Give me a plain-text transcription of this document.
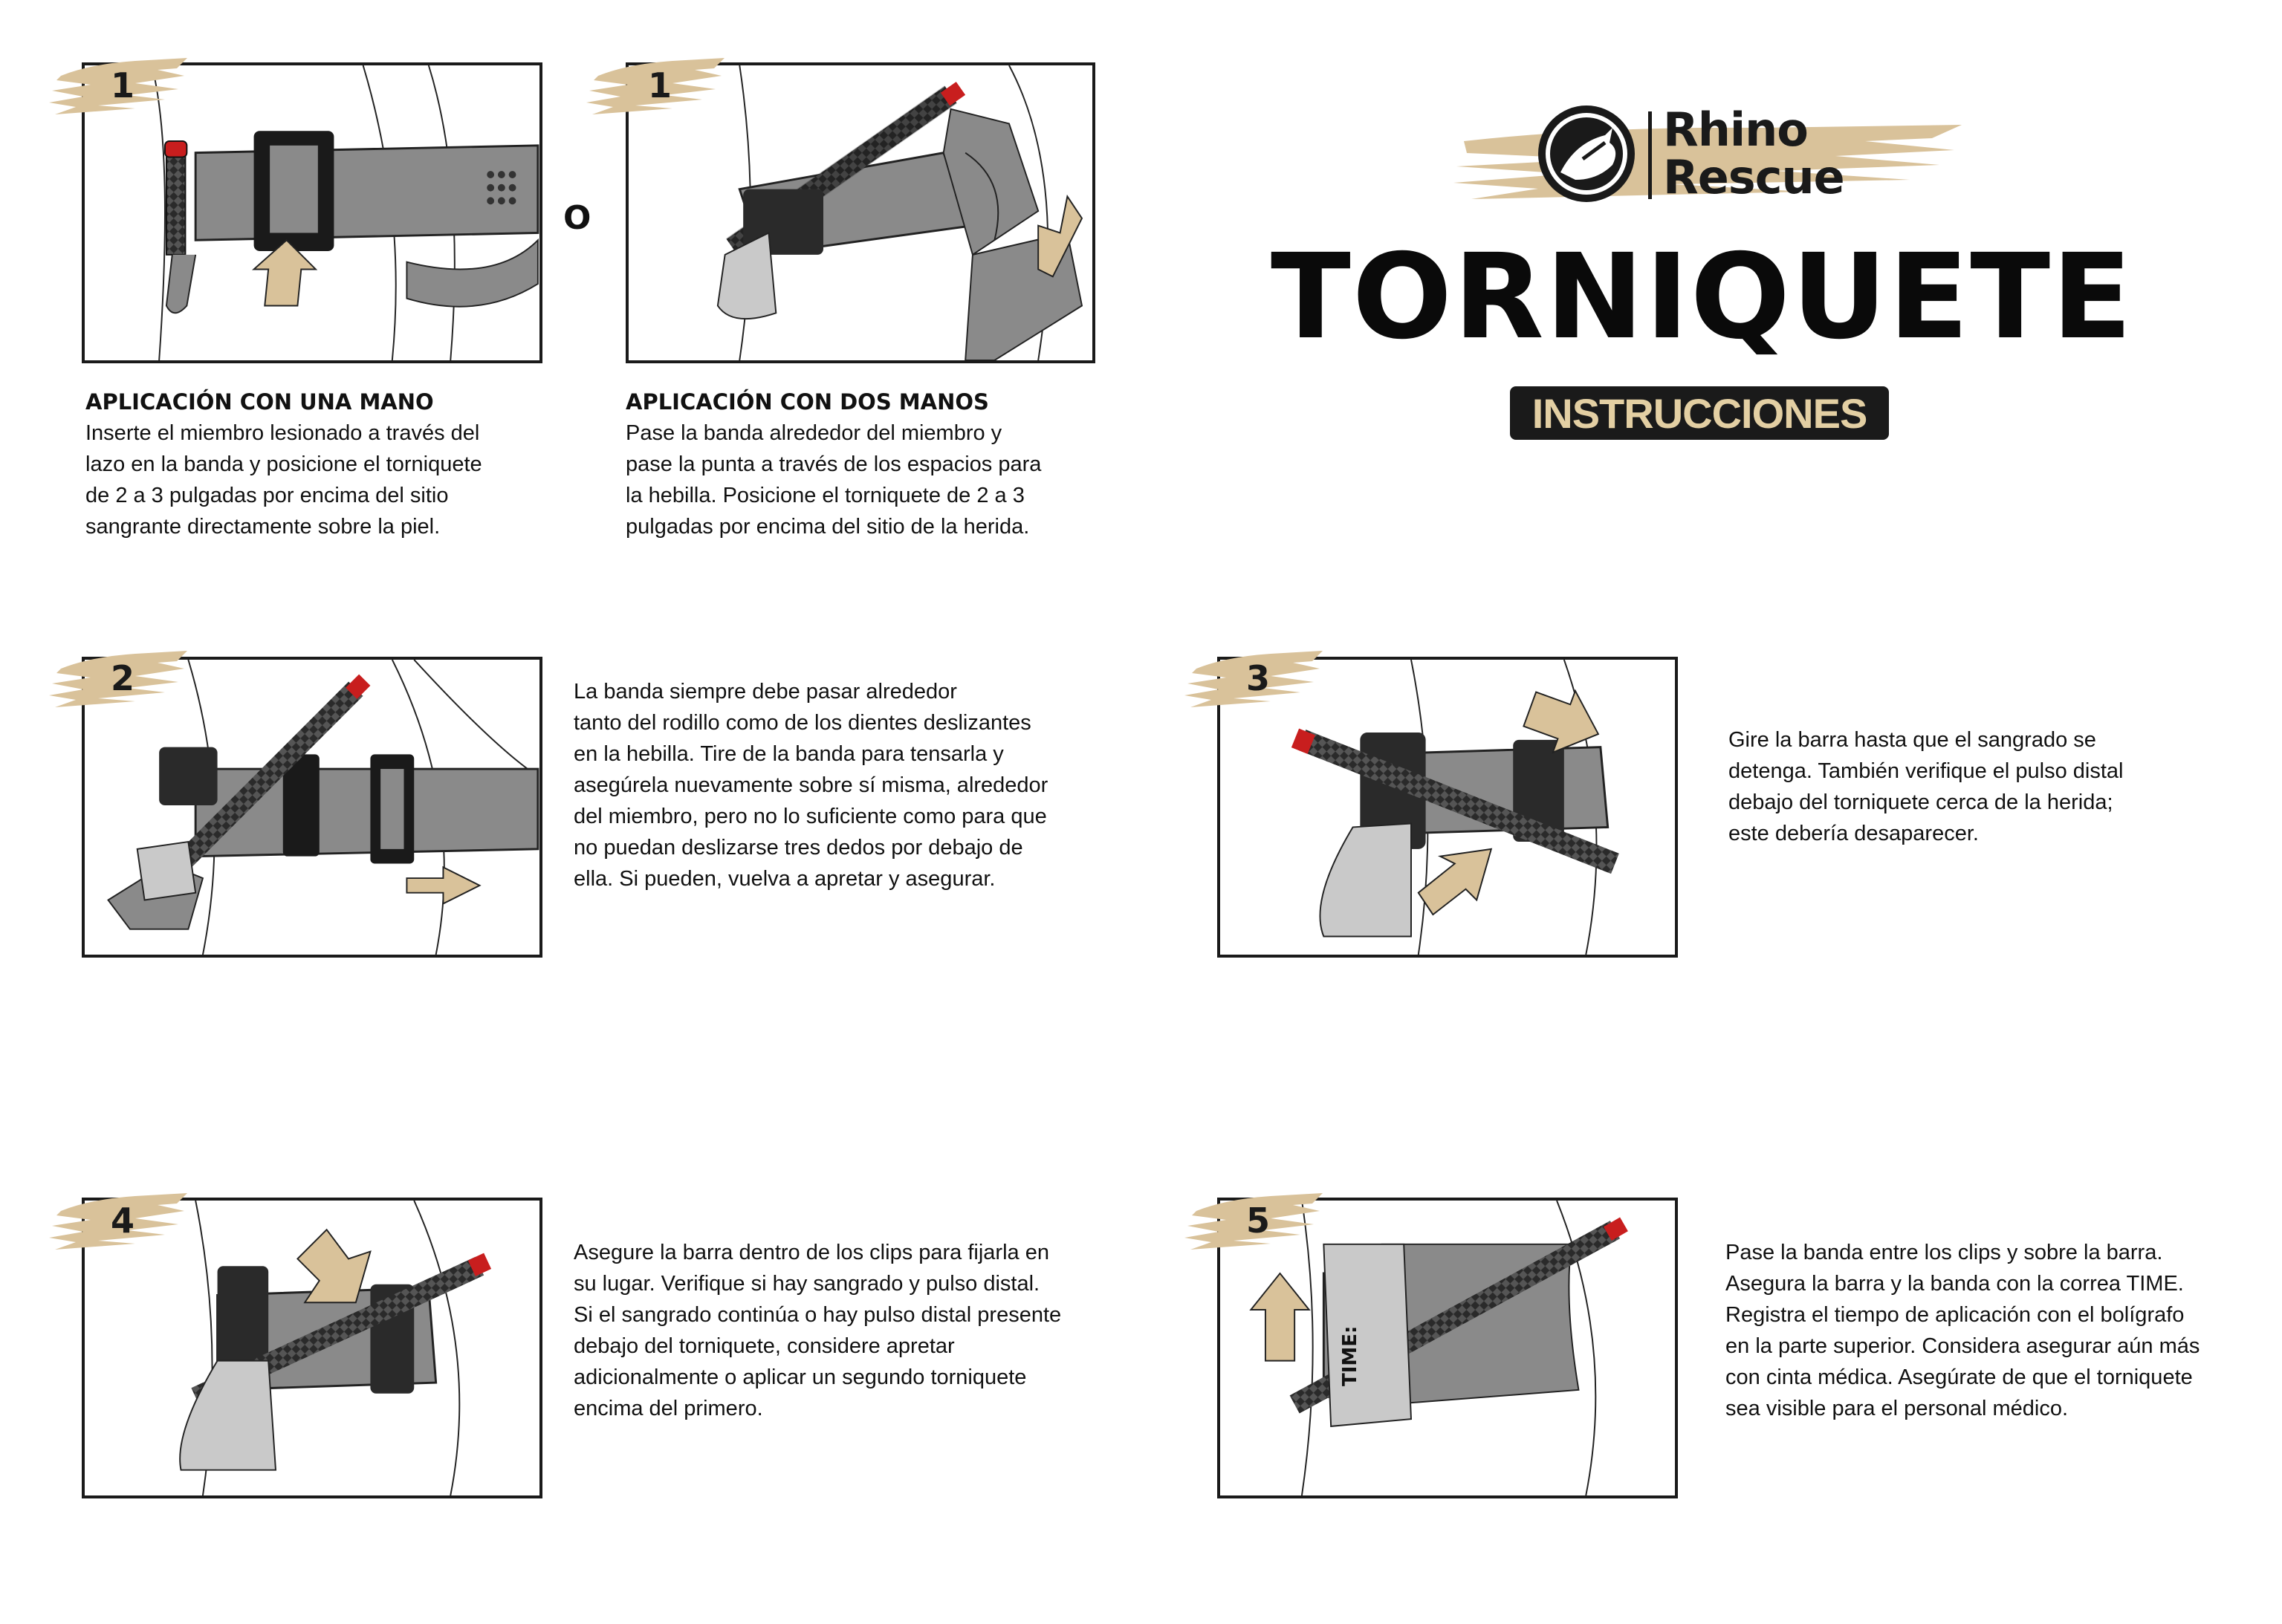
O
TIME:
1	1
2	3
4	5
APLICACIÓN CON UNA MANO
Inserte el miembro lesionado a través del
lazo en la banda y posicione el torniquete
de 2 a 3 pulgadas por encima del sitio
sangrante directamente sobre la piel.
APLICACIÓN CON DOS MANOS
Pase la banda alrededor del miembro y
pase la punta a través de los espacios para
la hebilla. Posicione el torniquete de 2 a 3
pulgadas por encima del sitio de la herida.
La banda siempre debe pasar alrededor
tanto del rodillo como de los dientes deslizantes
en la hebilla. Tire de la banda para tensarla y
asegúrela nuevamente sobre sí misma, alrededor
del miembro, pero no lo suficiente como para que
no puedan deslizarse tres dedos por debajo de
ella. Si pueden, vuelva a apretar y asegurar.
Gire la barra hasta que el sangrado se
detenga. También verifique el pulso distal
debajo del torniquete cerca de la herida;
este debería desaparecer.
Asegure la barra dentro de los clips para fijarla en
su lugar. Verifique si hay sangrado y pulso distal.
Si el sangrado continúa o hay pulso distal presente
debajo del torniquete, considere apretar
adicionalmente o aplicar un segundo torniquete
encima del primero.
Pase la banda entre los clips y sobre la barra.
Asegura la barra y la banda con la correa TIME.
Registra el tiempo de aplicación con el bolígrafo
en la parte superior. Considera asegurar aún más
con cinta médica. Asegúrate de que el torniquete
sea visible para el personal médico.
Rhino
Rescue
TORNIQUETE
INSTRUCCIONES
